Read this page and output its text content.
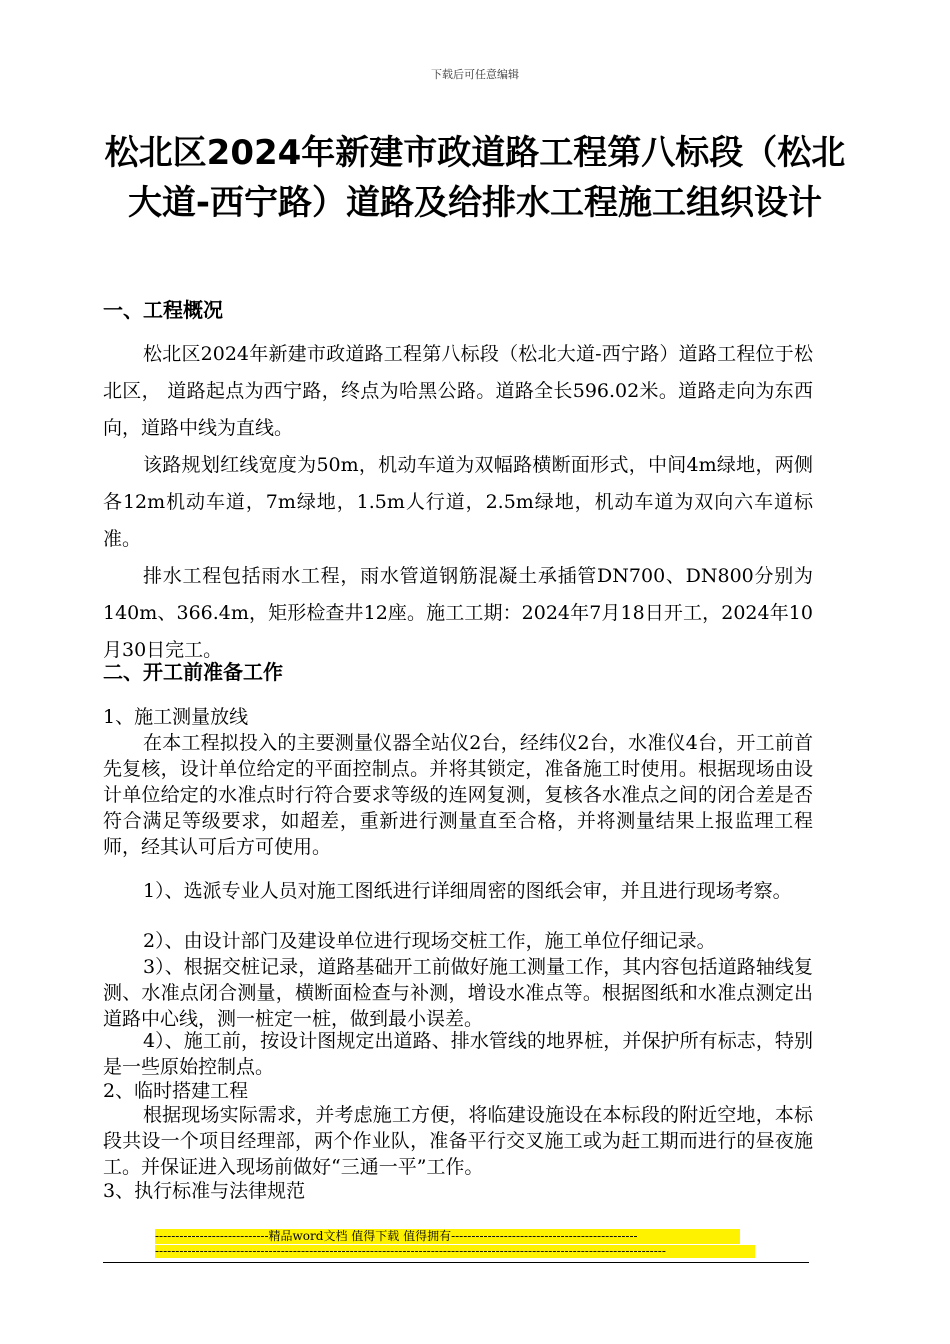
下载后可任意编辑
松北区2024年新建市政道路工程第八标段（松北大道-西宁路）道路及给排水工程施工组织设计
一、工程概况

松北区2024年新建市政道路工程第八标段（松北大道-西宁路）道路工程位于松北区， 道路起点为西宁路，终点为哈黑公路。道路全长596.02米。道路走向为东西向，道路中线为直线。

该路规划红线宽度为50m，机动车道为双幅路横断面形式，中间4m绿地，两侧各12m机动车道，7m绿地，1.5m人行道，2.5m绿地，机动车道为双向六车道标准。

排水工程包括雨水工程，雨水管道钢筋混凝土承插管DN700、DN800分别为140m、366.4m，矩形检查井12座。施工工期：2024年7月18日开工，2024年10月30日完工。

二、开工前准备工作

1、施工测量放线

在本工程拟投入的主要测量仪器全站仪2台，经纬仪2台，水准仪4台，开工前首先复核，设计单位给定的平面控制点。并将其锁定，准备施工时使用。根据现场由设计单位给定的水准点时行符合要求等级的连网复测，复核各水准点之间的闭合差是否符合满足等级要求，如超差，重新进行测量直至合格，并将测量结果上报监理工程师，经其认可后方可使用。

1）、选派专业人员对施工图纸进行详细周密的图纸会审，并且进行现场考察。

2）、由设计部门及建设单位进行现场交桩工作，施工单位仔细记录。

3）、根据交桩记录，道路基础开工前做好施工测量工作，其内容包括道路轴线复测、水准点闭合测量，横断面检查与补测，增设水准点等。根据图纸和水准点测定出道路中心线，测一桩定一桩，做到最小误差。

4）、施工前，按设计图规定出道路、排水管线的地界桩，并保护所有标志，特别是一些原始控制点。

2、临时搭建工程

根据现场实际需求，并考虑施工方便，将临建设施设在本标段的附近空地，本标段共设一个项目经理部，两个作业队，准备平行交叉施工或为赶工期而进行的昼夜施工。并保证进入现场前做好“三通一平”工作。

3、执行标准与法律规范

----------------------------精品word文档 值得下载 值得拥有----------------------------------------------
------------------------------------------------------------------------------------------------------------------------------
